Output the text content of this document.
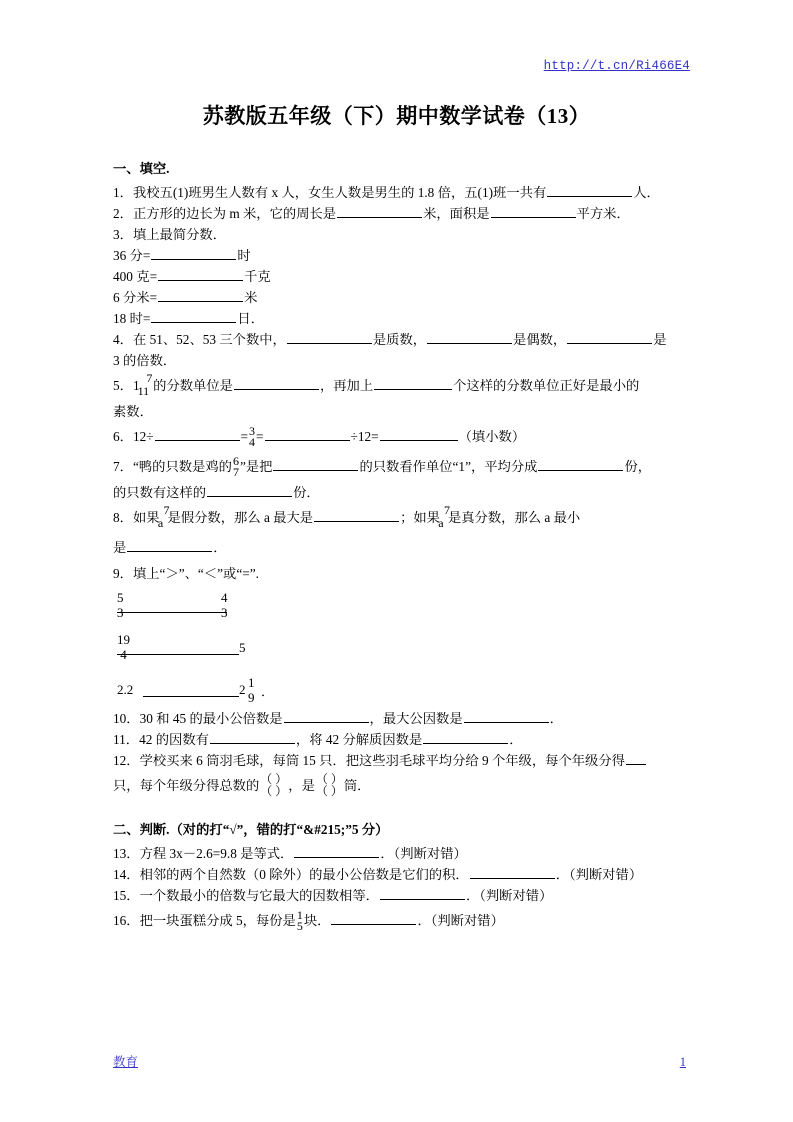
http://t.cn/Ri466E4
苏教版五年级（下）期中数学试卷（13）
一、填空.
1．我校五(1)班男生人数有 x 人，女生人数是男生的 1.8 倍，五(1)班一共有	人．
2．正方形的边长为 m 米，它的周长是	米，面积是	平方米．
3．填上最简分数．
36 分=	时
400 克=	千克
6 分米=	米
18 时=	日．
4．在 51、52、53 三个数中，	是质数，	是偶数，	是
3 的倍数．
5．1 7
11 的分数单位是	，再加上	个这样的分数单位正好是最小的
素数．
6．12÷	= 3
4 =	÷12=	（填小数）
7．“鸭的只数是鸡的 6
7 ”是把	的只数看作单位“1”，平均分成	份，
的只数有这样的	份．
8．如果 7
a 是假分数，那么 a 最大是	；如果 7
a 是真分数，那么 a 最小
是	．
9．填上“＞”、“＜”或“=”.
5
3
4
3
19
4	5
2.2	2 1
9 ．
10．30 和 45 的最小公倍数是	，最大公因数是	．
11．42 的因数有	，将 42 分解质因数是	．
12．学校买来 6 筒羽毛球，每筒 15 只．把这些羽毛球平均分给 9 个年级，每个年级分得
只，每个年级分得总数的 （ ）
（ ） ，是 （ ）
（ ） 筒．
二、判断.（对的打“√”，错的打“&#215;”5 分）
13．方程 3x－2.6=9.8 是等式．	．（判断对错）
14．相邻的两个自然数（0 除外）的最小公倍数是它们的积．	．（判断对错）
15．一个数最小的倍数与它最大的因数相等．	．（判断对错）
16．把一块蛋糕分成 5，每份是 1
5 块．	．（判断对错）
教育	1
